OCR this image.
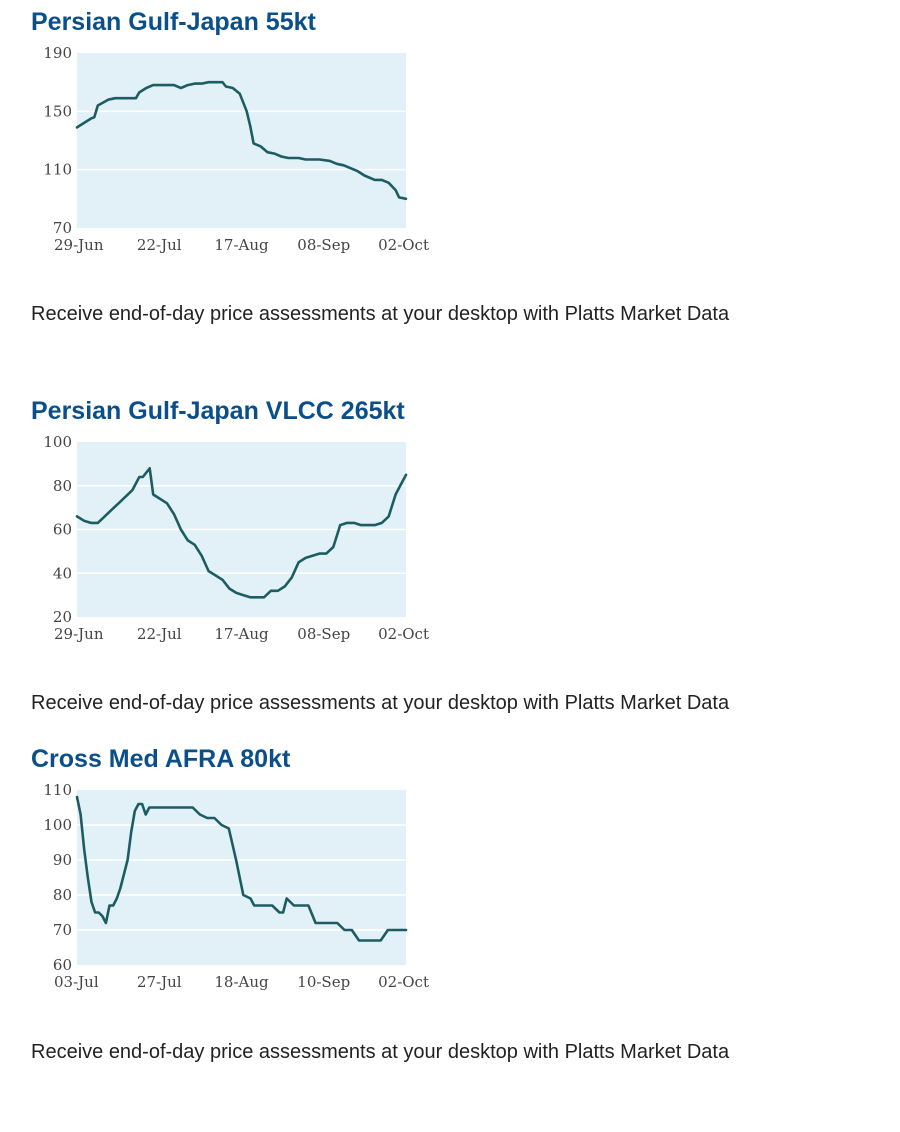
Persian Gulf-Japan 55kt
190
150
110
70
29-Jun 22-Jul 17-Aug 08-Sep 02-Oct
Receive end-of-day price assessments at your desktop with Platts Market Data
Persian Gulf-Japan VLCC 265kt
100
80
60
40
20
29-Jun 22-Jul 17-Aug 08-Sep 02-Oct
Receive end-of-day price assessments at your desktop with Platts Market Data
Cross Med AFRA 80kt
110
100
90
80
70
60
03-Jul	27-Jul 18-Aug 10-Sep 02-Oct
Receive end-of-day price assessments at your desktop with Platts Market Data
